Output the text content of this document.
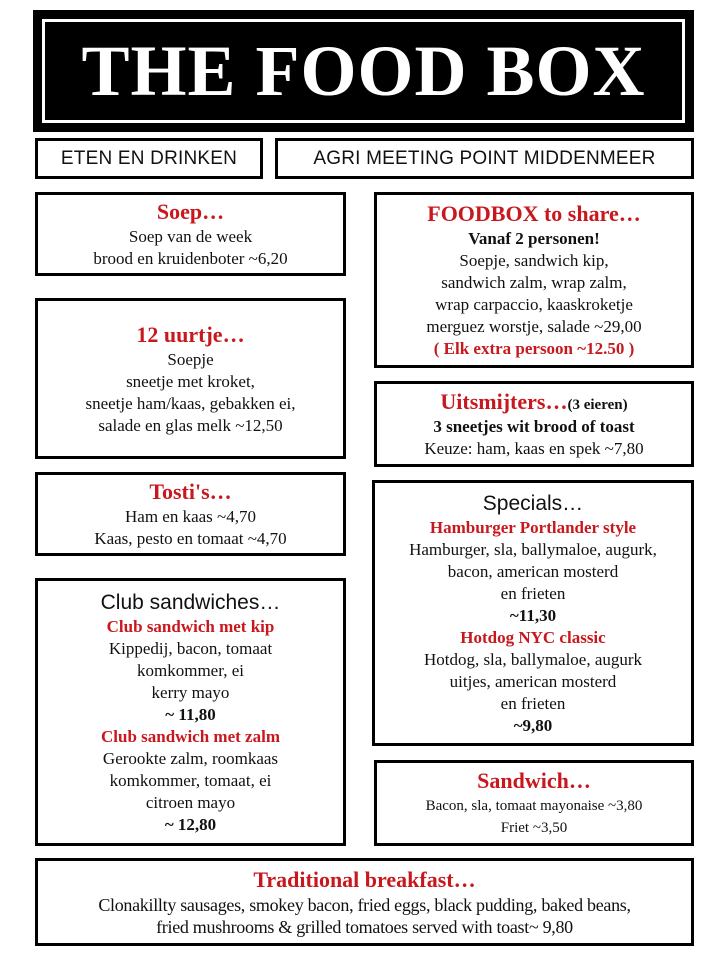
THE FOOD BOX
ETEN EN DRINKEN	AGRI MEETING POINT MIDDENMEER
Soep…
Soep van de week
brood en kruidenboter ~6,20
12 uurtje…
Soepje
sneetje met kroket,
sneetje ham/kaas, gebakken ei,
salade en glas melk ~12,50
Tosti's…
Ham en kaas ~4,70
Kaas, pesto en tomaat ~4,70
Club sandwiches…
Club sandwich met kip
Kippedij, bacon, tomaat
komkommer, ei
kerry mayo
~ 11,80
Club sandwich met zalm
Gerookte zalm, roomkaas
komkommer, tomaat, ei
citroen mayo
~ 12,80
FOODBOX to share…
Vanaf 2 personen!
Soepje, sandwich kip,
sandwich zalm, wrap zalm,
wrap carpaccio, kaaskroketje
merguez worstje, salade ~29,00
( Elk extra persoon ~12.50 )
Uitsmijters…(3 eieren)
3 sneetjes wit brood of toast
Keuze: ham, kaas en spek ~7,80
Specials…
Hamburger Portlander style
Hamburger, sla, ballymaloe, augurk,
bacon, american mosterd
en frieten
~11,30
Hotdog NYC classic
Hotdog, sla, ballymaloe, augurk
uitjes, american mosterd
en frieten
~9,80
Sandwich…
Bacon, sla, tomaat mayonaise ~3,80
Friet ~3,50
Traditional breakfast…
Clonakillty sausages, smokey bacon, fried eggs, black pudding, baked beans,
fried mushrooms & grilled tomatoes served with toast~ 9,80
